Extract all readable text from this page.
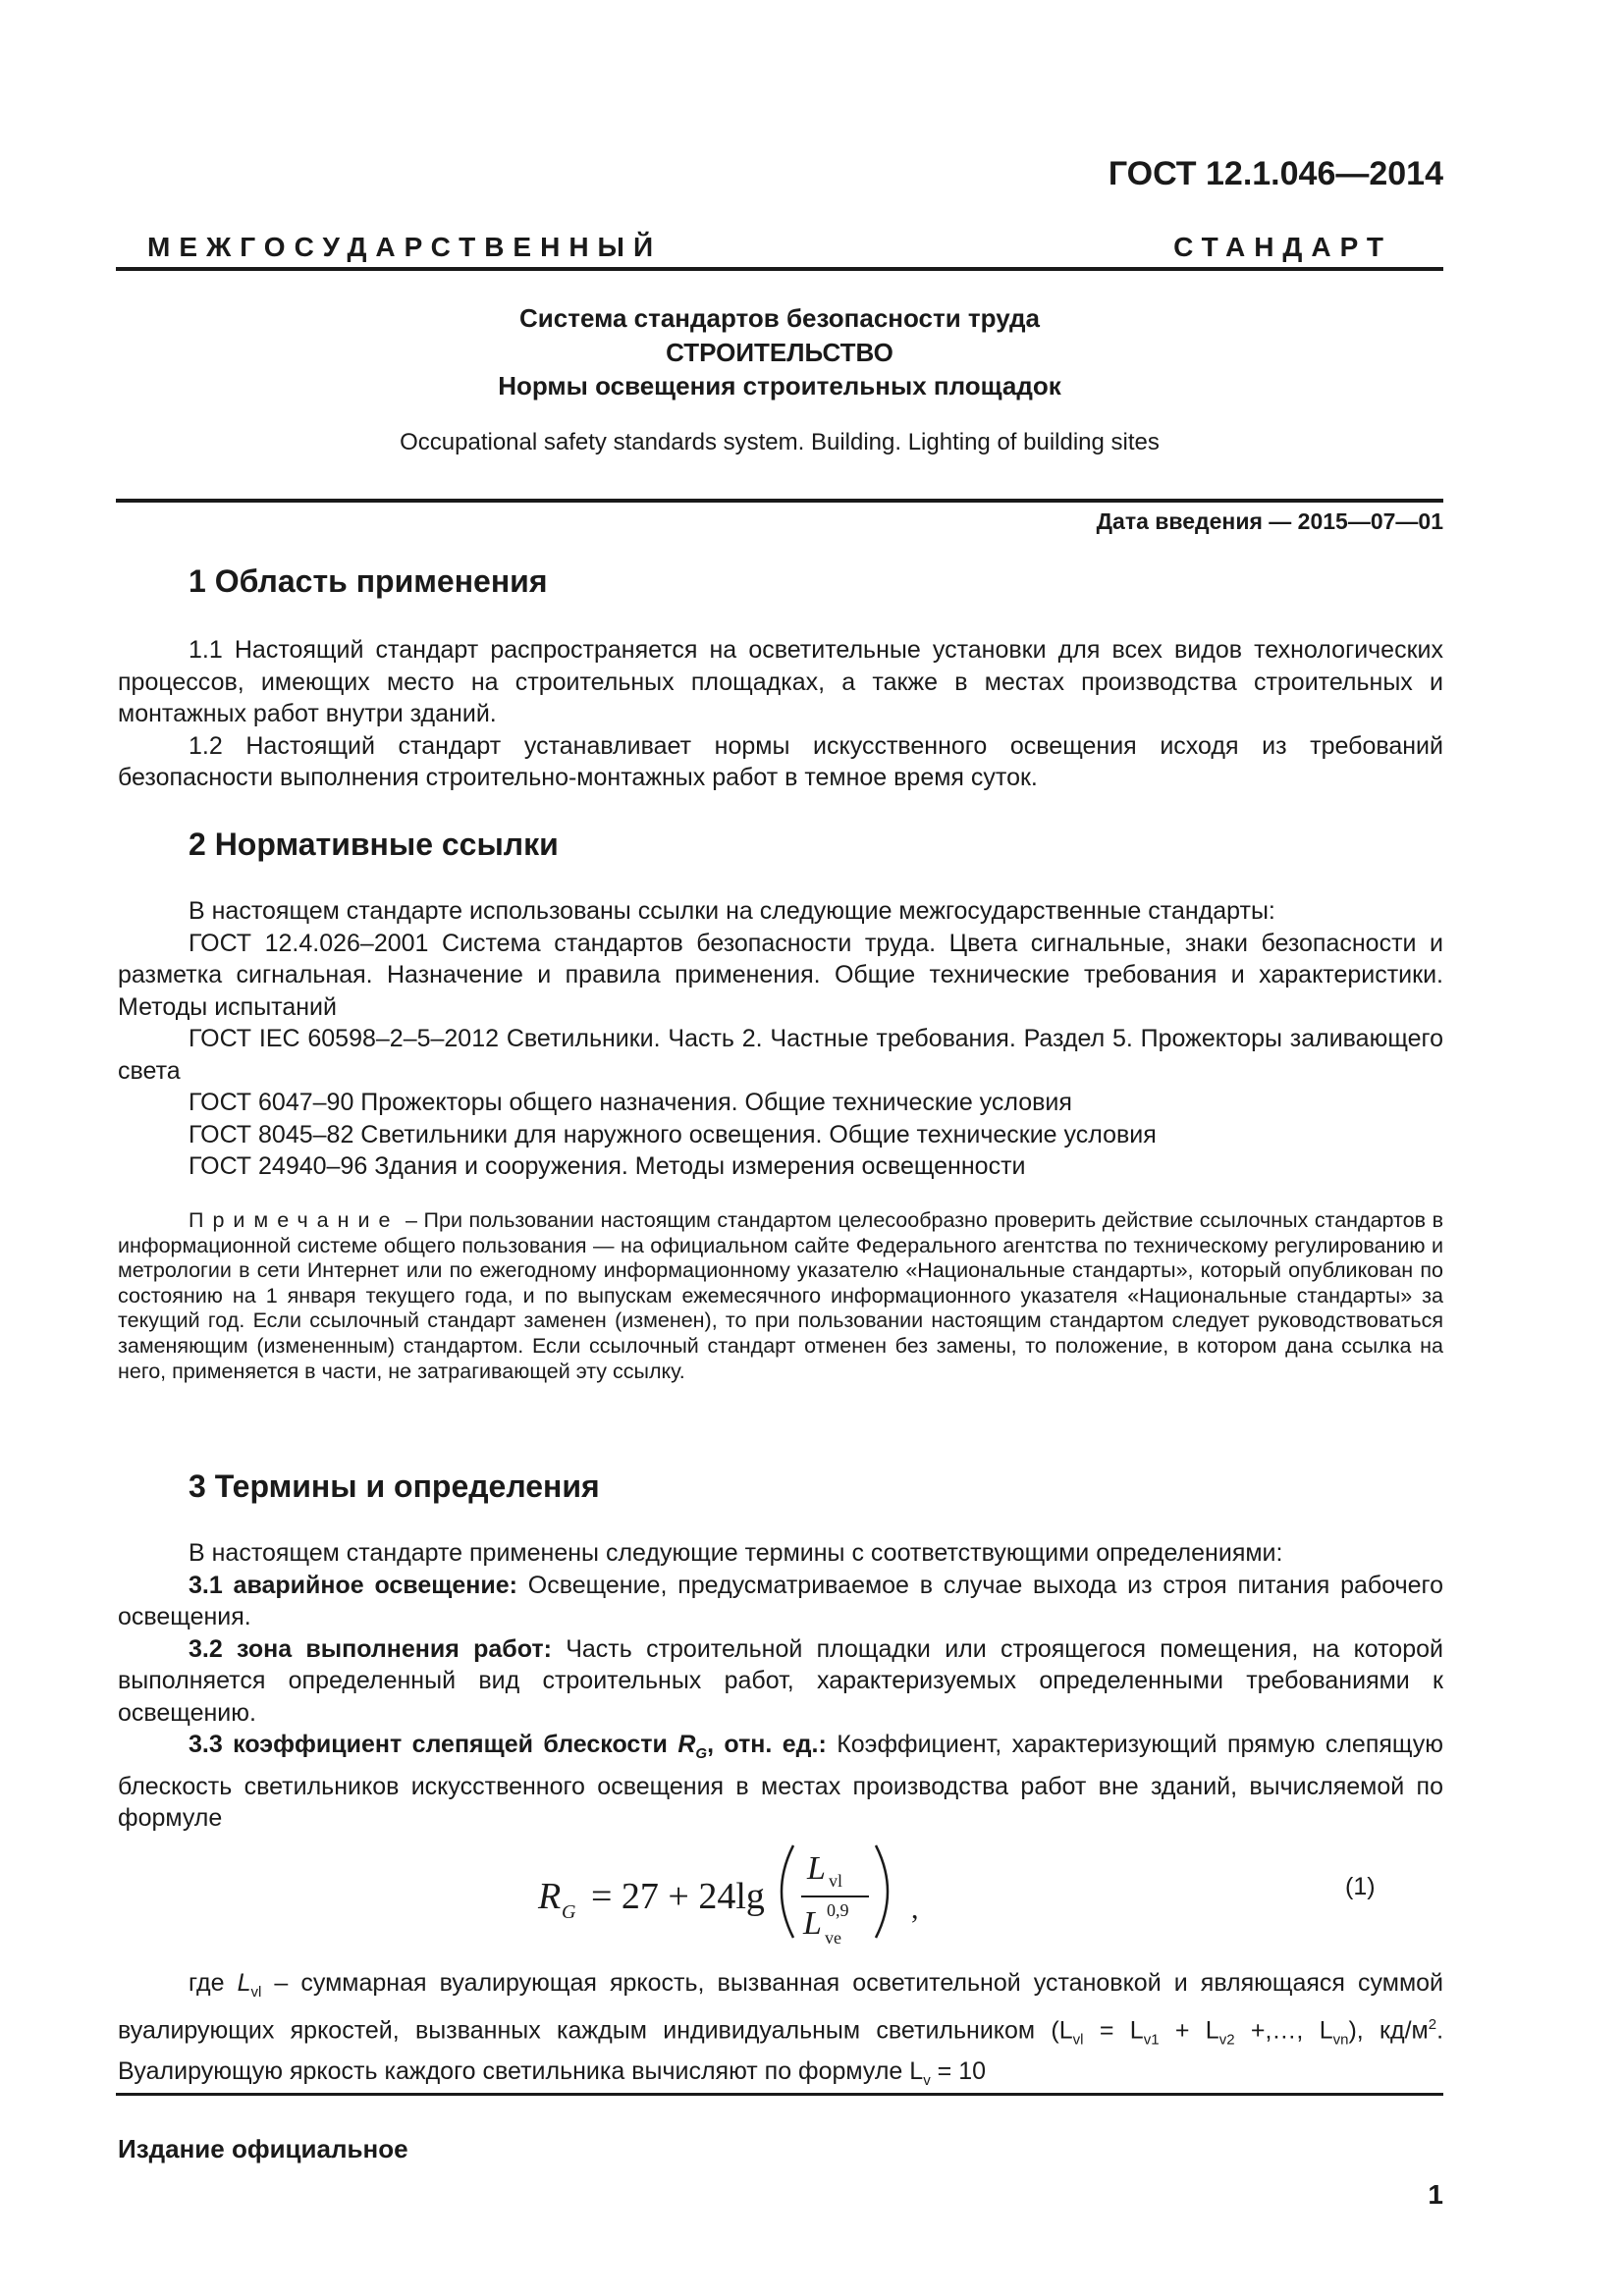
ГОСТ 12.1.046—2014
МЕЖГОСУДАРСТВЕННЫЙ	СТАНДАРТ
Система стандартов безопасности труда
СТРОИТЕЛЬСТВО
Нормы освещения строительных площадок
Occupational safety standards system. Building. Lighting of building sites
Дата введения — 2015—07—01
1 Область применения

1.1 Настоящий стандарт распространяется на осветительные установки для всех видов технологических процессов, имеющих место на строительных площадках, а также в местах производства строительных и монтажных работ внутри зданий.

1.2 Настоящий стандарт устанавливает нормы искусственного освещения исходя из требований безопасности выполнения строительно-монтажных работ в темное время суток.

2 Нормативные ссылки

В настоящем стандарте использованы ссылки на следующие межгосударственные стандарты:

ГОСТ 12.4.026–2001 Система стандартов безопасности труда. Цвета сигнальные, знаки безопасности и разметка сигнальная. Назначение и правила применения. Общие технические требования и характеристики. Методы испытаний

ГОСТ IEC 60598–2–5–2012 Светильники. Часть 2. Частные требования. Раздел 5. Прожекторы заливающего света

ГОСТ 6047–90 Прожекторы общего назначения. Общие технические условия

ГОСТ 8045–82 Светильники для наружного освещения. Общие технические условия

ГОСТ 24940–96 Здания и сооружения. Методы измерения освещенности

Примечание – При пользовании настоящим стандартом целесообразно проверить действие ссылочных стандартов в информационной системе общего пользования — на официальном сайте Федерального агентства по техническому регулированию и метрологии в сети Интернет или по ежегодному информационному указателю «Национальные стандарты», который опубликован по состоянию на 1 января текущего года, и по выпускам ежемесячного информационного указателя «Национальные стандарты» за текущий год. Если ссылочный стандарт заменен (изменен), то при пользовании настоящим стандартом следует руководствоваться заменяющим (измененным) стандартом. Если ссылочный стандарт отменен без замены, то положение, в котором дана ссылка на него, применяется в части, не затрагивающей эту ссылку.

3 Термины и определения

В настоящем стандарте применены следующие термины с соответствующими определениями:

3.1 аварийное освещение: Освещение, предусматриваемое в случае выхода из строя питания рабочего освещения.

3.2 зона выполнения работ: Часть строительной площадки или строящегося помещения, на которой выполняется определенный вид строительных работ, характеризуемых определенными требованиями к освещению.

3.3 коэффициент слепящей блескости $R_G$, отн. ед.: Коэффициент, характеризующий прямую слепящую блескость светильников искусственного освещения в местах производства работ вне зданий, вычисляемой по формуле

R G = 27 + 24lg
L vl
L ve
0,9 ,
(1)

где $L_{vl}$ – суммарная вуалирующая яркость, вызванная осветительной установкой и являющаяся суммой вуалирующих яркостей, вызванных каждым индивидуальным светильником ($L_{vl} = L_{v1} + L_{v2}$ +,…, $L_{vn}$), $кд/м^2$. Вуалирующую яркость каждого светильника вычисляют по формуле $L_v = 10$

Издание официальное
1
